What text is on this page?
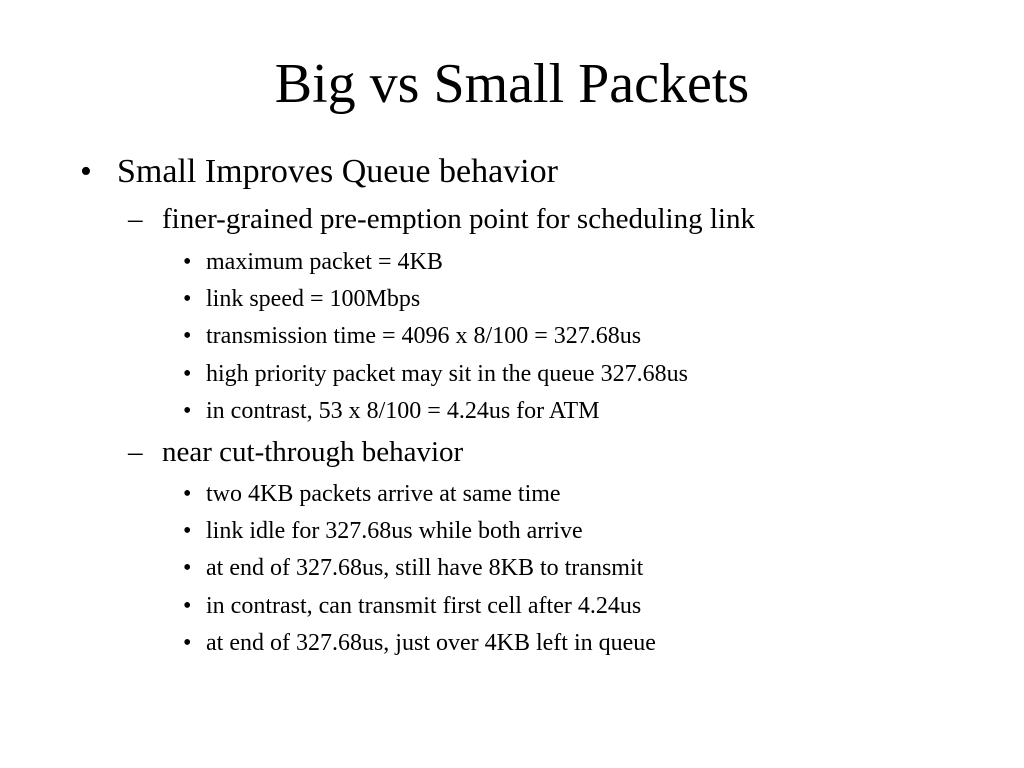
Big vs Small Packets
• Small Improves Queue behavior
– finer-grained pre-emption point for scheduling link
• maximum packet = 4KB
• link speed = 100Mbps
• transmission time = 4096 x 8/100 = 327.68us
• high priority packet may sit in the queue 327.68us
• in contrast, 53 x 8/100 = 4.24us for ATM
– near cut-through behavior
• two 4KB packets arrive at same time
• link idle for 327.68us while both arrive
• at end of 327.68us, still have 8KB to transmit
• in contrast, can transmit first cell after 4.24us
• at end of 327.68us, just over 4KB left in queue
